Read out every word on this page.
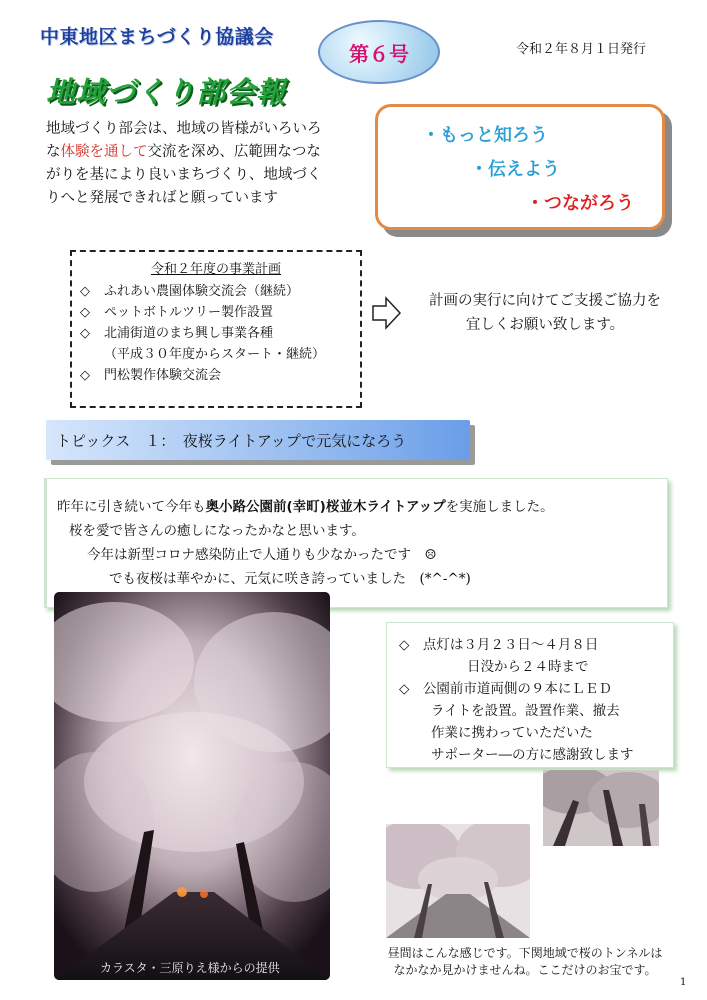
中東地区まちづくり協議会
第６号	令和２年８月１日発行
地域づくり部会報
地域づくり部会は、地域の皆様がいろいろ
な体験を通して交流を深め、広範囲なつな
がりを基により良いまちづくり、地域づく
りへと発展できればと願っています
・もっと知ろう
・伝えよう
・つながろう
令和２年度の事業計画
◇ ふれあい農園体験交流会（継続）
◇ ペットボトルツリー製作設置
◇ 北浦街道のまち興し事業各種
（平成３０年度からスタート・継続）
◇ 門松製作体験交流会
計画の実行に向けてご支援ご協力を
宜しくお願い致します。
トピックス　１：　夜桜ライトアップで元気になろう
昨年に引き続いて今年も奥小路公園前(幸町)桜並木ライトアップを実施しました。
桜を愛で皆さんの癒しになったかなと思います。
今年は新型コロナ感染防止で人通りも少なかったです　☹
でも夜桜は華やかに、元気に咲き誇っていました　(*^-^*)
カラスタ・三原りえ様からの提供
◇　点灯は３月２３日～４月８日
日没から２４時まで
◇　公園前市道両側の９本にＬＥＤ
ライトを設置。設置作業、撤去
作業に携わっていただいた
サポーター―の方に感謝致します
昼間はこんな感じです。下関地域で桜のトンネルは
なかなか見かけませんね。ここだけのお宝です。
1
